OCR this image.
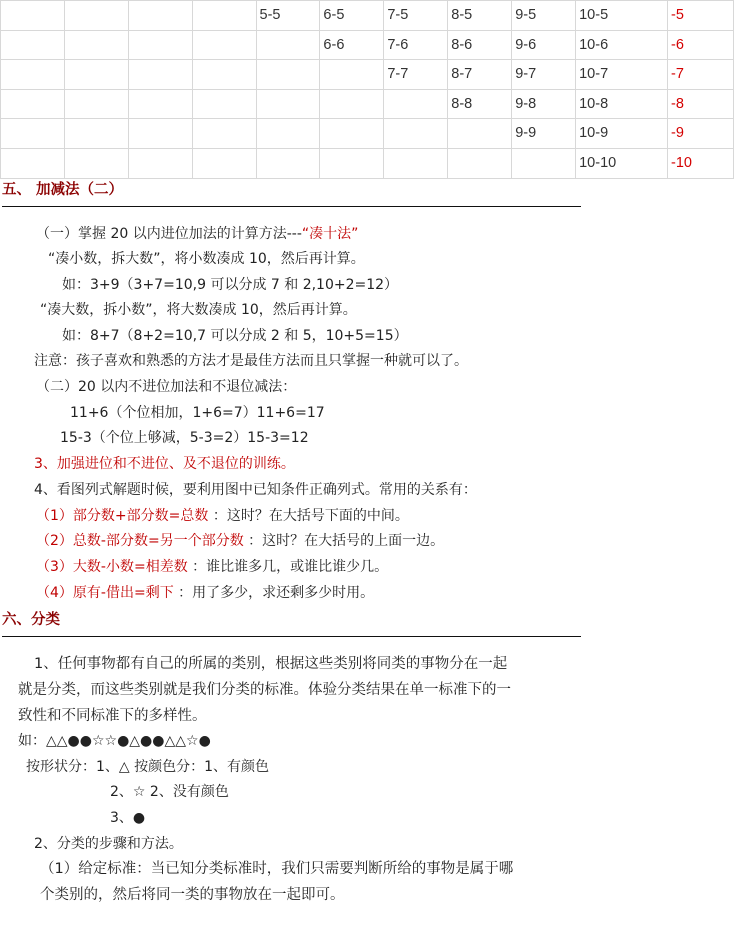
				5-5	6-5	7-5	8-5	9-5	10-5	-5
					6-6	7-6	8-6	9-6	10-6	-6
						7-7	8-7	9-7	10-7	-7
							8-8	9-8	10-8	-8
								9-9	10-9	-9
									10-10	-10
五、 加减法（二）
（一）掌握 20 以内进位加法的计算方法---“凑十法”
“凑小数，拆大数”，将小数凑成 10，然后再计算。
如：3+9（3+7=10,9 可以分成 7 和 2,10+2=12）
“凑大数，拆小数”，将大数凑成 10，然后再计算。
如：8+7（8+2=10,7 可以分成 2 和 5，10+5=15）
注意：孩子喜欢和熟悉的方法才是最佳方法而且只掌握一种就可以了。
（二）20 以内不进位加法和不退位减法：
11+6（个位相加，1+6=7）11+6=17
15-3（个位上够减，5-3=2）15-3=12
3、加强进位和不进位、及不退位的训练。
4、看图列式解题时候，要利用图中已知条件正确列式。常用的关系有：
（1）部分数+部分数=总数 ：这时？在大括号下面的中间。
（2）总数-部分数=另一个部分数 ：这时？在大括号的上面一边。
（3）大数-小数=相差数 ：谁比谁多几，或谁比谁少几。
（4）原有-借出=剩下 ：用了多少，求还剩多少时用。
六、分类
1、任何事物都有自己的所属的类别，根据这些类别将同类的事物分在一起
就是分类，而这些类别就是我们分类的标准。体验分类结果在单一标准下的一
致性和不同标准下的多样性。
如：△△●●☆☆●△●●△△☆●
按形状分：1、△ 按颜色分：1、有颜色
2、☆ 2、没有颜色
3、●
2、分类的步骤和方法。
（1）给定标准：当已知分类标准时，我们只需要判断所给的事物是属于哪
个类别的，然后将同一类的事物放在一起即可。
